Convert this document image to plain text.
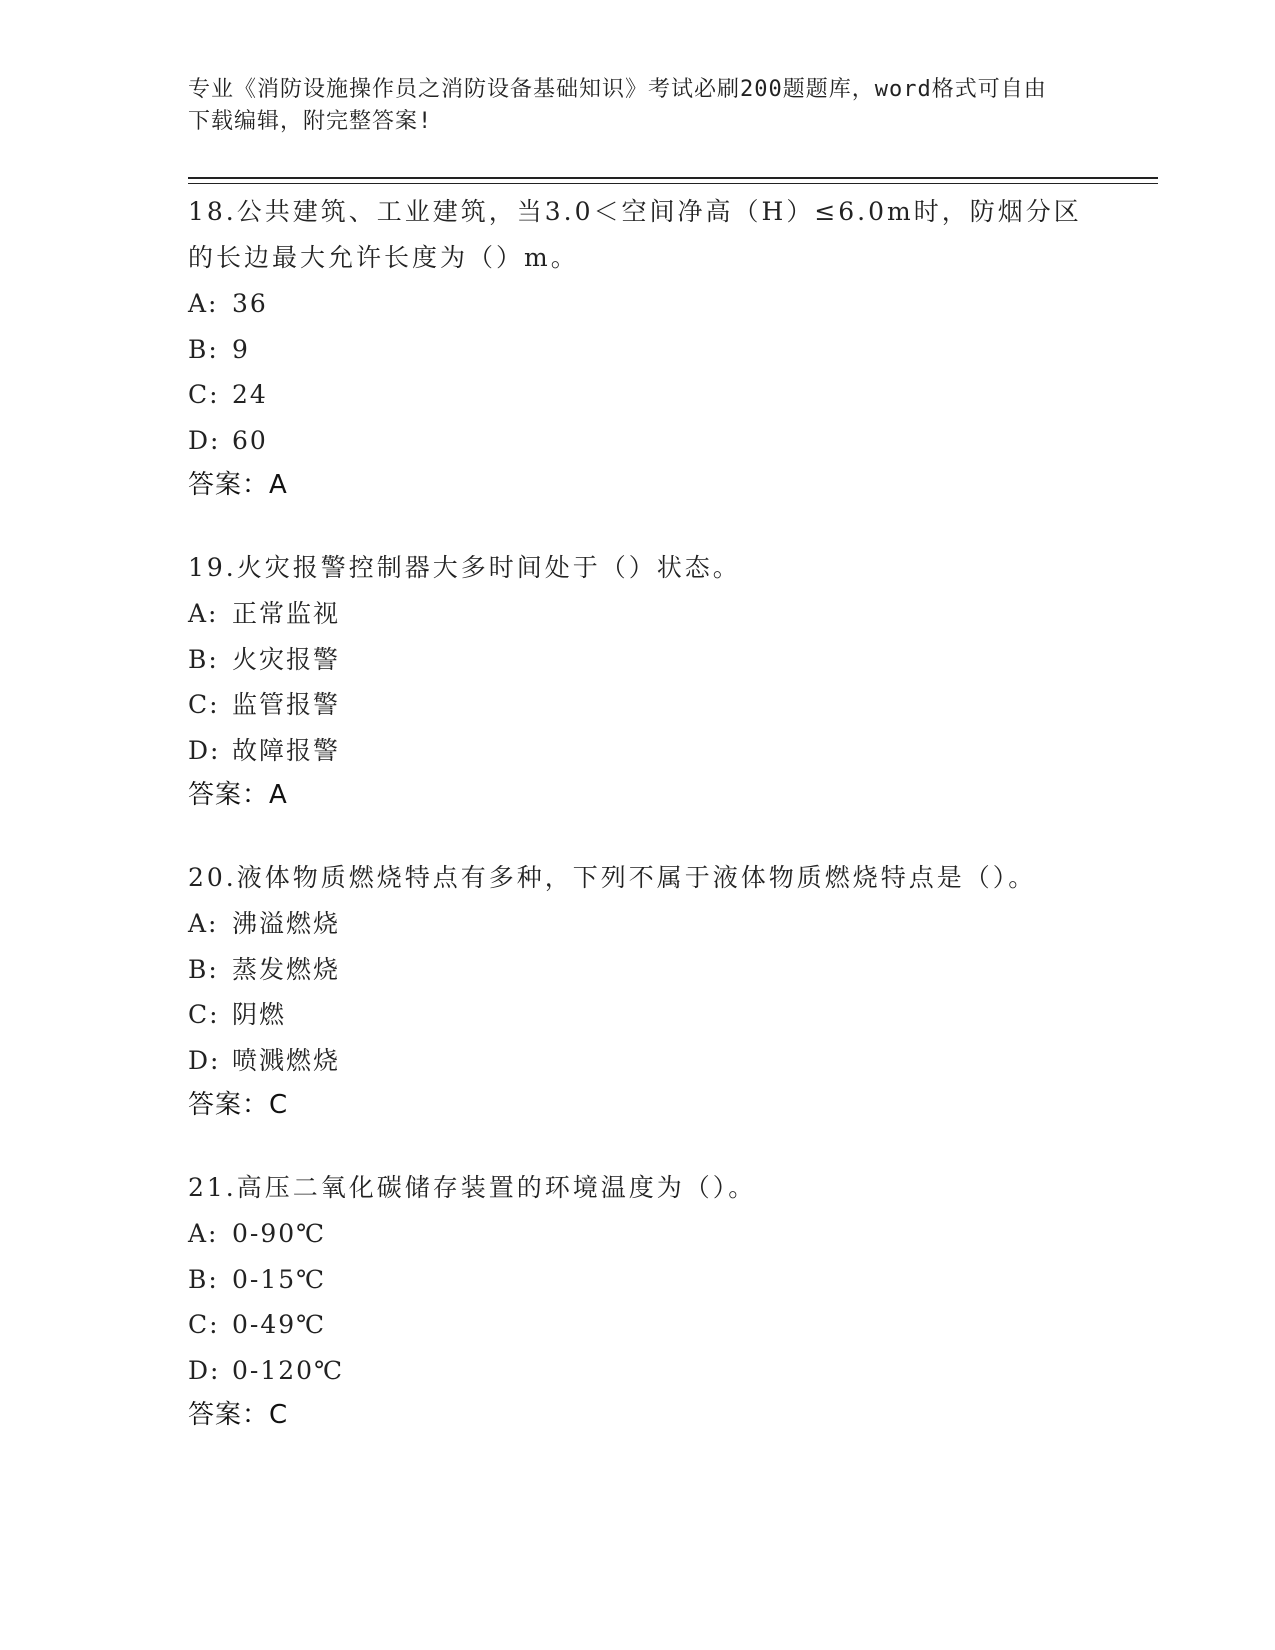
专业《消防设施操作员之消防设备基础知识》考试必刷200题题库，word格式可自由下载编辑，附完整答案!

18.公共建筑、工业建筑，当3.0＜空间净高（H）≤6.0m时，防烟分区的长边最大允许长度为（）m。

A: 36
B: 9
C: 24
D: 60
答案：A

19.火灾报警控制器大多时间处于（）状态。

A: 正常监视
B: 火灾报警
C: 监管报警
D: 故障报警
答案：A

20.液体物质燃烧特点有多种，下列不属于液体物质燃烧特点是（）。

A: 沸溢燃烧
B: 蒸发燃烧
C: 阴燃
D: 喷溅燃烧
答案：C

21.高压二氧化碳储存装置的环境温度为（）。

A: 0-90℃
B: 0-15℃
C: 0-49℃
D: 0-120℃
答案：C
